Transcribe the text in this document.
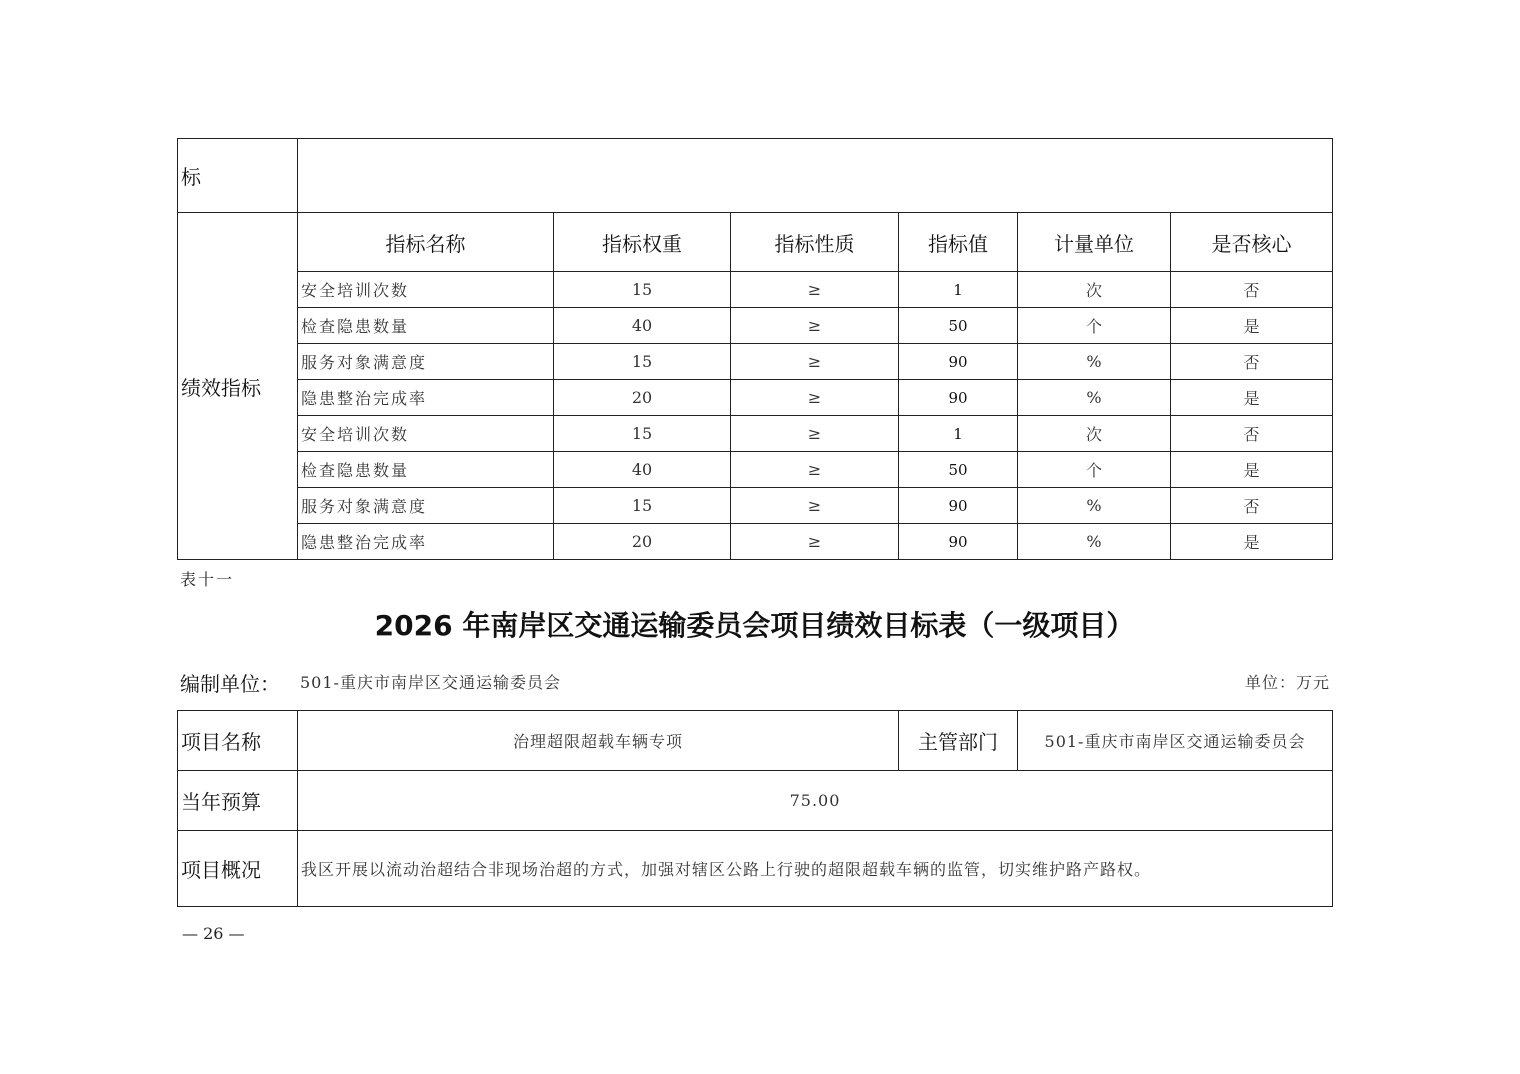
标						
绩效指标	指标名称	指标权重	指标性质	指标值	计量单位	是否核心
	安全培训次数	15	≥	1	次	否
	检查隐患数量	40	≥	50	个	是
	服务对象满意度	15	≥	90	%	否
	隐患整治完成率	20	≥	90	%	是
	安全培训次数	15	≥	1	次	否
	检查隐患数量	40	≥	50	个	是
	服务对象满意度	15	≥	90	%	否
	隐患整治完成率	20	≥	90	%	是
表十一
2026 年南岸区交通运输委员会项目绩效目标表（一级项目）
编制单位： 501-重庆市南岸区交通运输委员会	单位：万元
项目名称	治理超限超载车辆专项	主管部门	501-重庆市南岸区交通运输委员会
当年预算	75.00		
项目概况	我区开展以流动治超结合非现场治超的方式，加强对辖区公路上行驶的超限超载车辆的监管，切实维护路产路权。		
— 26 —
